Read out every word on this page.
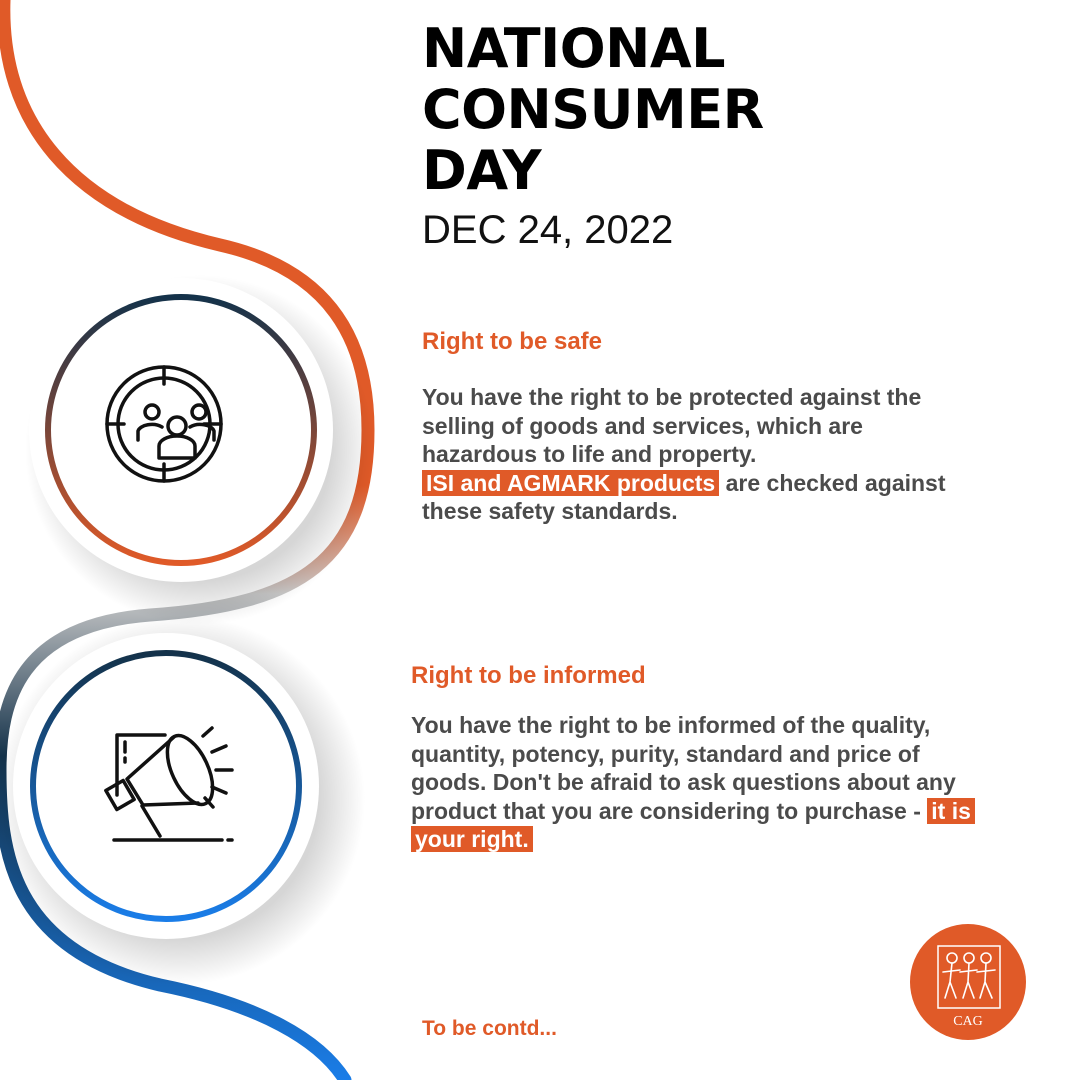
NATIONAL
CONSUMER
DAY

DEC 24, 2022

Right to be safe

You have the right to be protected against the selling of goods and services, which are hazardous to life and property.
ISI and AGMARK products are checked against these safety standards.

Right to be informed

You have the right to be informed of the quality, quantity, potency, purity, standard and price of goods. Don't be afraid to ask questions about any product that you are considering to purchase - it is your right.

To be contd...	CAG
